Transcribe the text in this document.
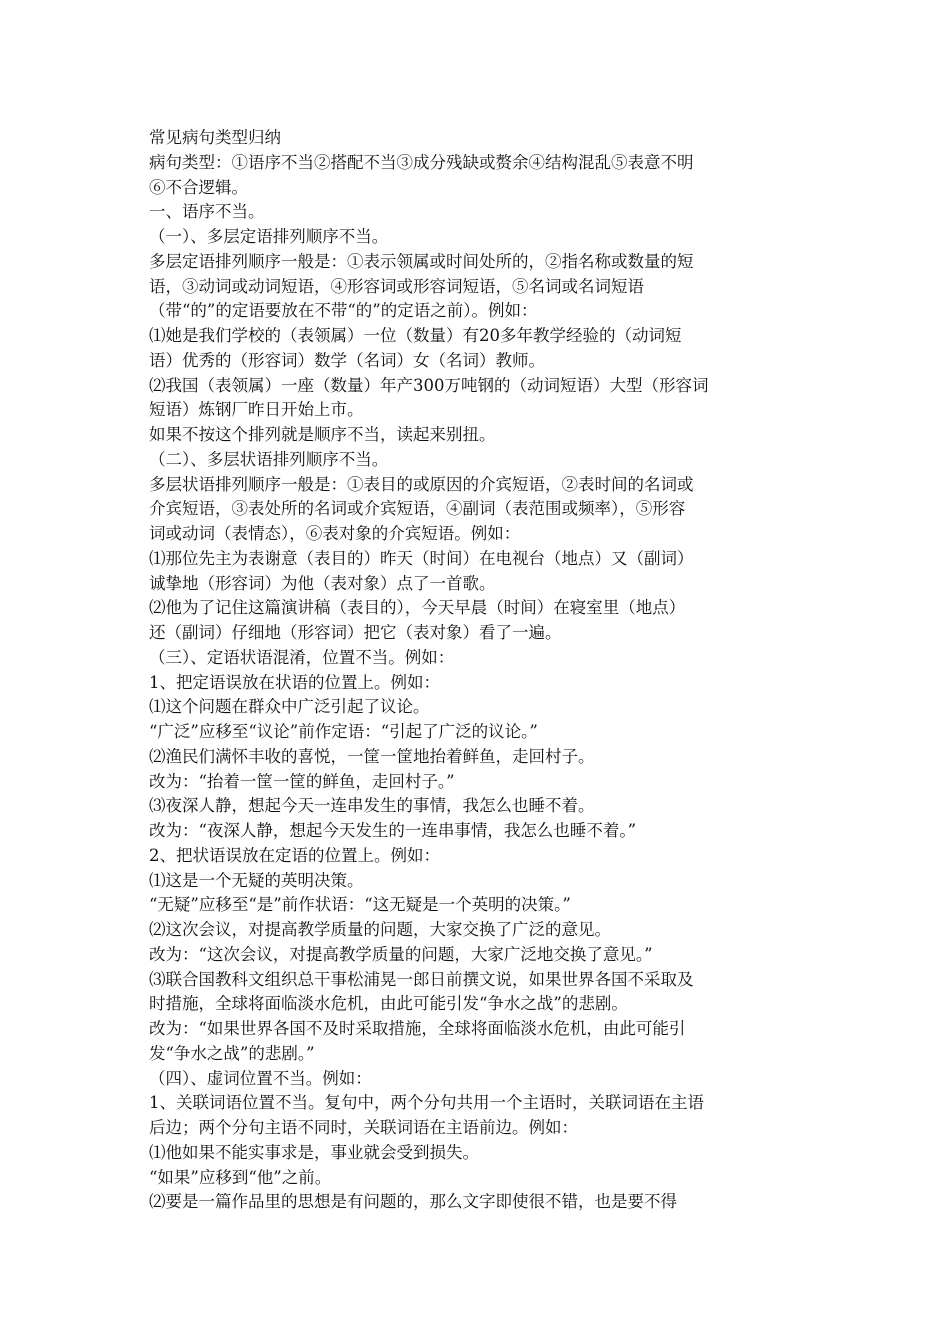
常见病句类型归纳
病句类型：①语序不当②搭配不当③成分残缺或赘余④结构混乱⑤表意不明
⑥不合逻辑。
一、语序不当。
（一）、多层定语排列顺序不当。
多层定语排列顺序一般是：①表示领属或时间处所的，②指名称或数量的短
语，③动词或动词短语，④形容词或形容词短语，⑤名词或名词短语
（带“的”的定语要放在不带“的”的定语之前）。例如：
⑴她是我们学校的（表领属）一位（数量）有20多年教学经验的（动词短
语）优秀的（形容词）数学（名词）女（名词）教师。
⑵我国（表领属）一座（数量）年产300万吨钢的（动词短语）大型（形容词
短语）炼钢厂昨日开始上市。
如果不按这个排列就是顺序不当，读起来别扭。
（二）、多层状语排列顺序不当。
多层状语排列顺序一般是：①表目的或原因的介宾短语，②表时间的名词或
介宾短语，③表处所的名词或介宾短语，④副词（表范围或频率），⑤形容
词或动词（表情态），⑥表对象的介宾短语。例如：
⑴那位先主为表谢意（表目的）昨天（时间）在电视台（地点）又（副词）
诚挚地（形容词）为他（表对象）点了一首歌。
⑵他为了记住这篇演讲稿（表目的），今天早晨（时间）在寝室里（地点）
还（副词）仔细地（形容词）把它（表对象）看了一遍。
（三）、定语状语混淆，位置不当。例如：
1、把定语误放在状语的位置上。例如：
⑴这个问题在群众中广泛引起了议论。
“广泛”应移至“议论”前作定语：“引起了广泛的议论。”
⑵渔民们满怀丰收的喜悦，一筐一筐地抬着鲜鱼，走回村子。
改为：“抬着一筐一筐的鲜鱼，走回村子。”
⑶夜深人静，想起今天一连串发生的事情，我怎么也睡不着。
改为：“夜深人静，想起今天发生的一连串事情，我怎么也睡不着。”
2、把状语误放在定语的位置上。例如：
⑴这是一个无疑的英明决策。
“无疑”应移至“是”前作状语：“这无疑是一个英明的决策。”
⑵这次会议，对提高教学质量的问题，大家交换了广泛的意见。
改为：“这次会议，对提高教学质量的问题，大家广泛地交换了意见。”
⑶联合国教科文组织总干事松浦晃一郎日前撰文说，如果世界各国不采取及
时措施，全球将面临淡水危机，由此可能引发“争水之战”的悲剧。
改为：“如果世界各国不及时采取措施，全球将面临淡水危机，由此可能引
发“争水之战”的悲剧。”
（四）、虚词位置不当。例如：
1、关联词语位置不当。复句中，两个分句共用一个主语时，关联词语在主语
后边；两个分句主语不同时，关联词语在主语前边。例如：
⑴他如果不能实事求是，事业就会受到损失。
“如果”应移到“他”之前。
⑵要是一篇作品里的思想是有问题的，那么文字即使很不错，也是要不得
